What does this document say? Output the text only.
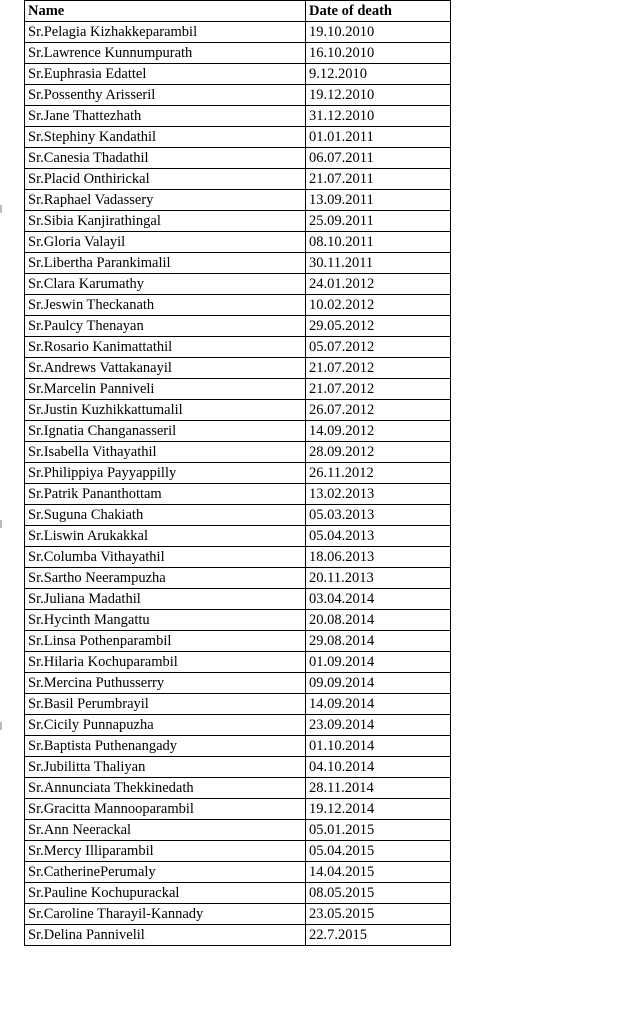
Name	Date of death
Sr.Pelagia Kizhakkeparambil	19.10.2010
Sr.Lawrence Kunnumpurath	16.10.2010
Sr.Euphrasia Edattel	9.12.2010
Sr.Possenthy Arisseril	19.12.2010
Sr.Jane Thattezhath	31.12.2010
Sr.Stephiny Kandathil	01.01.2011
Sr.Canesia Thadathil	06.07.2011
Sr.Placid Onthirickal	21.07.2011
Sr.Raphael Vadassery	13.09.2011
Sr.Sibia Kanjirathingal	25.09.2011
Sr.Gloria Valayil	08.10.2011
Sr.Libertha Parankimalil	30.11.2011
Sr.Clara Karumathy	24.01.2012
Sr.Jeswin Theckanath	10.02.2012
Sr.Paulcy Thenayan	29.05.2012
Sr.Rosario Kanimattathil	05.07.2012
Sr.Andrews Vattakanayil	21.07.2012
Sr.Marcelin Panniveli	21.07.2012
Sr.Justin Kuzhikkattumalil	26.07.2012
Sr.Ignatia Changanasseril	14.09.2012
Sr.Isabella Vithayathil	28.09.2012
Sr.Philippiya Payyappilly	26.11.2012
Sr.Patrik Pananthottam	13.02.2013
Sr.Suguna Chakiath	05.03.2013
Sr.Liswin Arukakkal	05.04.2013
Sr.Columba Vithayathil	18.06.2013
Sr.Sartho Neerampuzha	20.11.2013
Sr.Juliana Madathil	03.04.2014
Sr.Hycinth Mangattu	20.08.2014
Sr.Linsa Pothenparambil	29.08.2014
Sr.Hilaria Kochuparambil	01.09.2014
Sr.Mercina Puthusserry	09.09.2014
Sr.Basil Perumbrayil	14.09.2014
Sr.Cicily Punnapuzha	23.09.2014
Sr.Baptista Puthenangady	01.10.2014
Sr.Jubilitta Thaliyan	04.10.2014
Sr.Annunciata Thekkinedath	28.11.2014
Sr.Gracitta Mannooparambil	19.12.2014
Sr.Ann Neerackal	05.01.2015
Sr.Mercy Illiparambil	05.04.2015
Sr.CatherinePerumaly	14.04.2015
Sr.Pauline Kochupurackal	08.05.2015
Sr.Caroline Tharayil-Kannady	23.05.2015
Sr.Delina Pannivelil	22.7.2015
